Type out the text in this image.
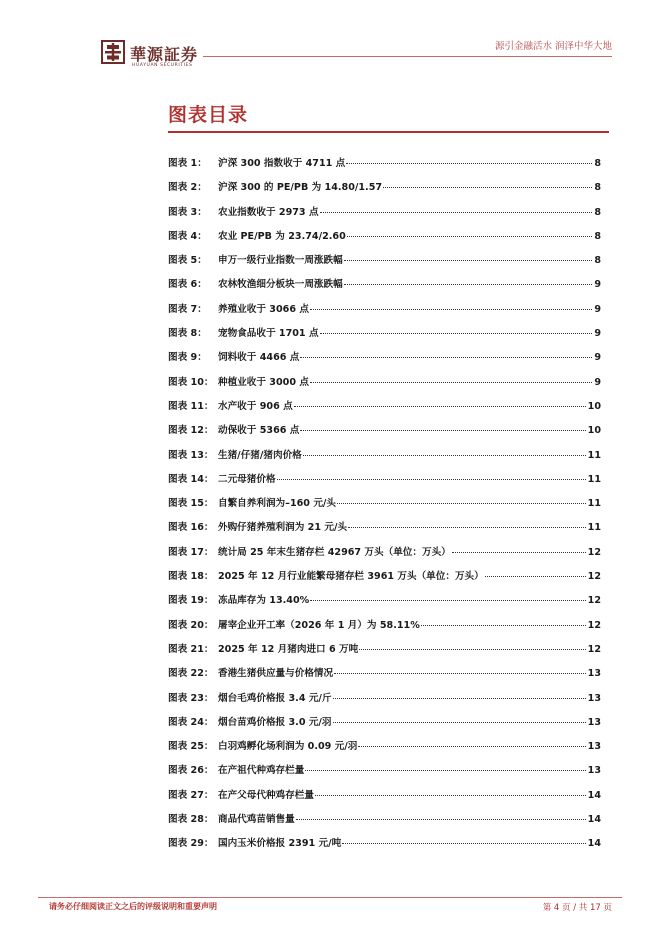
華源証券
HUAYUAN SECURITIES
源引金融活水 润泽中华大地
图表目录
图表 1：	沪深 300 指数收于 4711 点	8
图表 2：	沪深 300 的 PE/PB 为 14.80/1.57	8
图表 3：	农业指数收于 2973 点	8
图表 4：	农业 PE/PB 为 23.74/2.60	8
图表 5：	申万一级行业指数一周涨跌幅	8
图表 6：	农林牧渔细分板块一周涨跌幅	9
图表 7：	养殖业收于 3066 点	9
图表 8：	宠物食品收于 1701 点	9
图表 9：	饲料收于 4466 点	9
图表 10： 种植业收于 3000 点	9
图表 11： 水产收于 906 点	10
图表 12： 动保收于 5366 点	10
图表 13： 生猪/仔猪/猪肉价格	11
图表 14： 二元母猪价格	11
图表 15： 自繁自养利润为–160 元/头	11
图表 16： 外购仔猪养殖利润为 21 元/头	11
图表 17： 统计局 25 年末生猪存栏 42967 万头（单位：万头）	12
图表 18： 2025 年 12 月行业能繁母猪存栏 3961 万头（单位：万头）	12
图表 19： 冻品库存为 13.40%	12
图表 20： 屠宰企业开工率（2026 年 1 月）为 58.11%	12
图表 21： 2025 年 12 月猪肉进口 6 万吨	12
图表 22： 香港生猪供应量与价格情况	13
图表 23： 烟台毛鸡价格报 3.4 元/斤	13
图表 24： 烟台苗鸡价格报 3.0 元/羽	13
图表 25： 白羽鸡孵化场利润为 0.09 元/羽	13
图表 26： 在产祖代种鸡存栏量	13
图表 27： 在产父母代种鸡存栏量	14
图表 28： 商品代鸡苗销售量	14
图表 29： 国内玉米价格报 2391 元/吨	14
请务必仔细阅读正文之后的评级说明和重要声明	第 4 页 / 共 17 页
